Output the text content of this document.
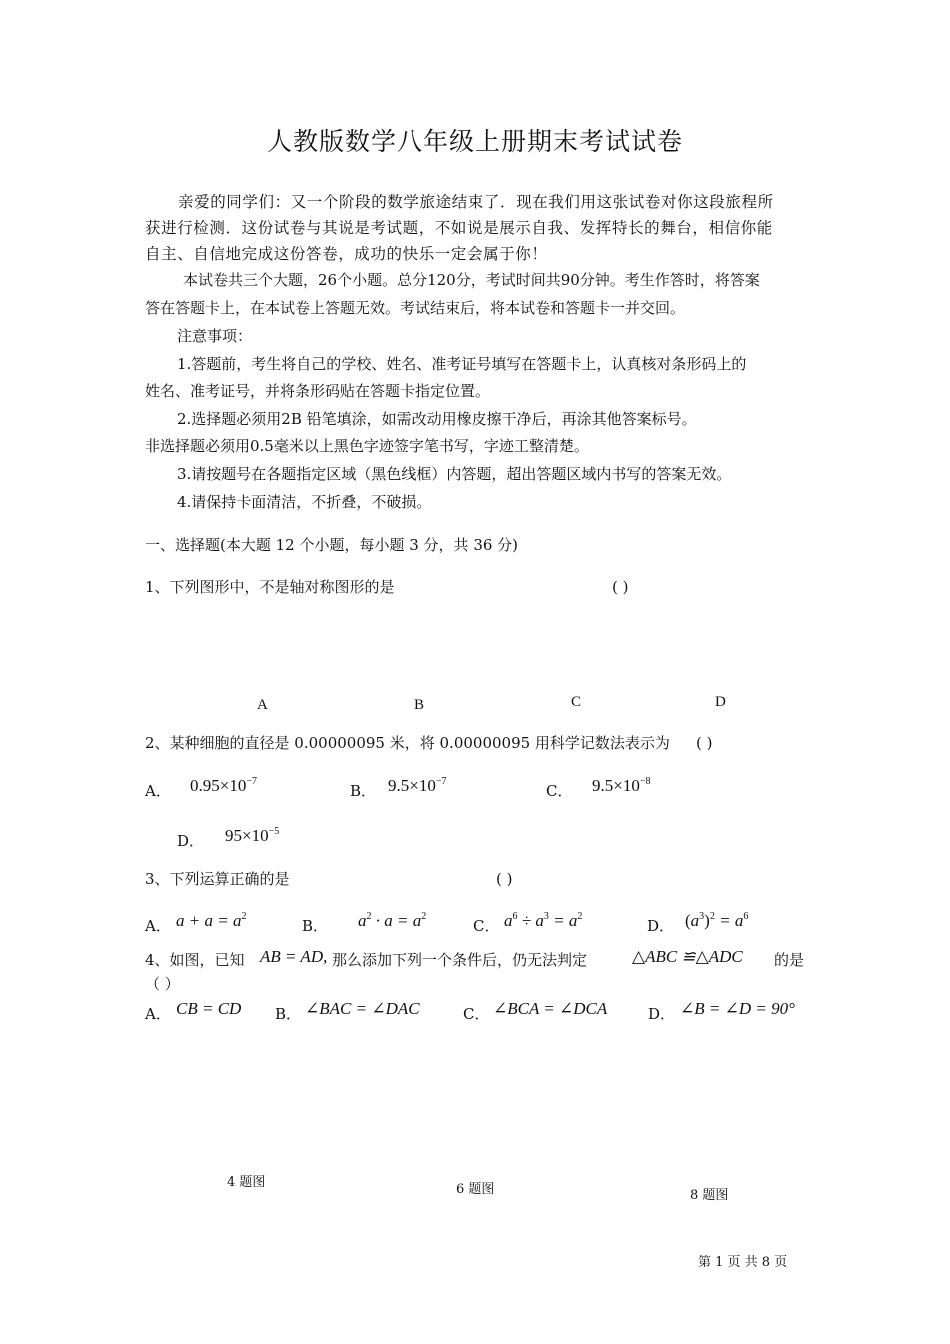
人教版数学八年级上册期末考试试卷
亲爱的同学们：又一个阶段的数学旅途结束了．现在我们用这张试卷对你这段旅程所
获进行检测．这份试卷与其说是考试题，不如说是展示自我、发挥特长的舞台，相信你能
自主、自信地完成这份答卷，成功的快乐一定会属于你！
本试卷共三个大题，26个小题。总分120分，考试时间共90分钟。考生作答时，将答案
答在答题卡上，在本试卷上答题无效。考试结束后，将本试卷和答题卡一并交回。
注意事项：
1.答题前，考生将自己的学校、姓名、准考证号填写在答题卡上，认真核对条形码上的
姓名、准考证号，并将条形码贴在答题卡指定位置。
2.选择题必须用2B 铅笔填涂，如需改动用橡皮擦干净后，再涂其他答案标号。
非选择题必须用0.5毫米以上黑色字迹签字笔书写，字迹工整清楚。
3.请按题号在各题指定区域（黑色线框）内答题，超出答题区域内书写的答案无效。
4.请保持卡面清洁，不折叠，不破损。
一、选择题(本大题 12 个小题，每小题 3 分，共 36 分)
1、下列图形中，不是轴对称图形的是	( )
A	B	C	D
2、某种细胞的直径是 0.00000095 米，将 0.00000095 用科学记数法表示为 ( )
A． $0.95\times 10^{-7}$
B． $9.5\times 10^{-7}$
C． $9.5\times 10^{-8}$
D． $95\times 10^{-5}$
3、下列运算正确的是	( )
A． $a + a = a^2$
B． $a^2 \cdot a = a^2$
C． $a^6 \div a^3 = a^2$
D． $(a^3)^2 = a^6$
4、如图，已知 AB = AD, 那么添加下列一个条件后，仍无法判定	△ABC ≌△ADC 的是
（ ）
A． CB = CD B． ∠BAC = ∠DAC	C． ∠BCA = ∠DCA	D． ∠B = ∠D = 90°
4 题图	6 题图	8 题图
第 1 页 共 8 页
